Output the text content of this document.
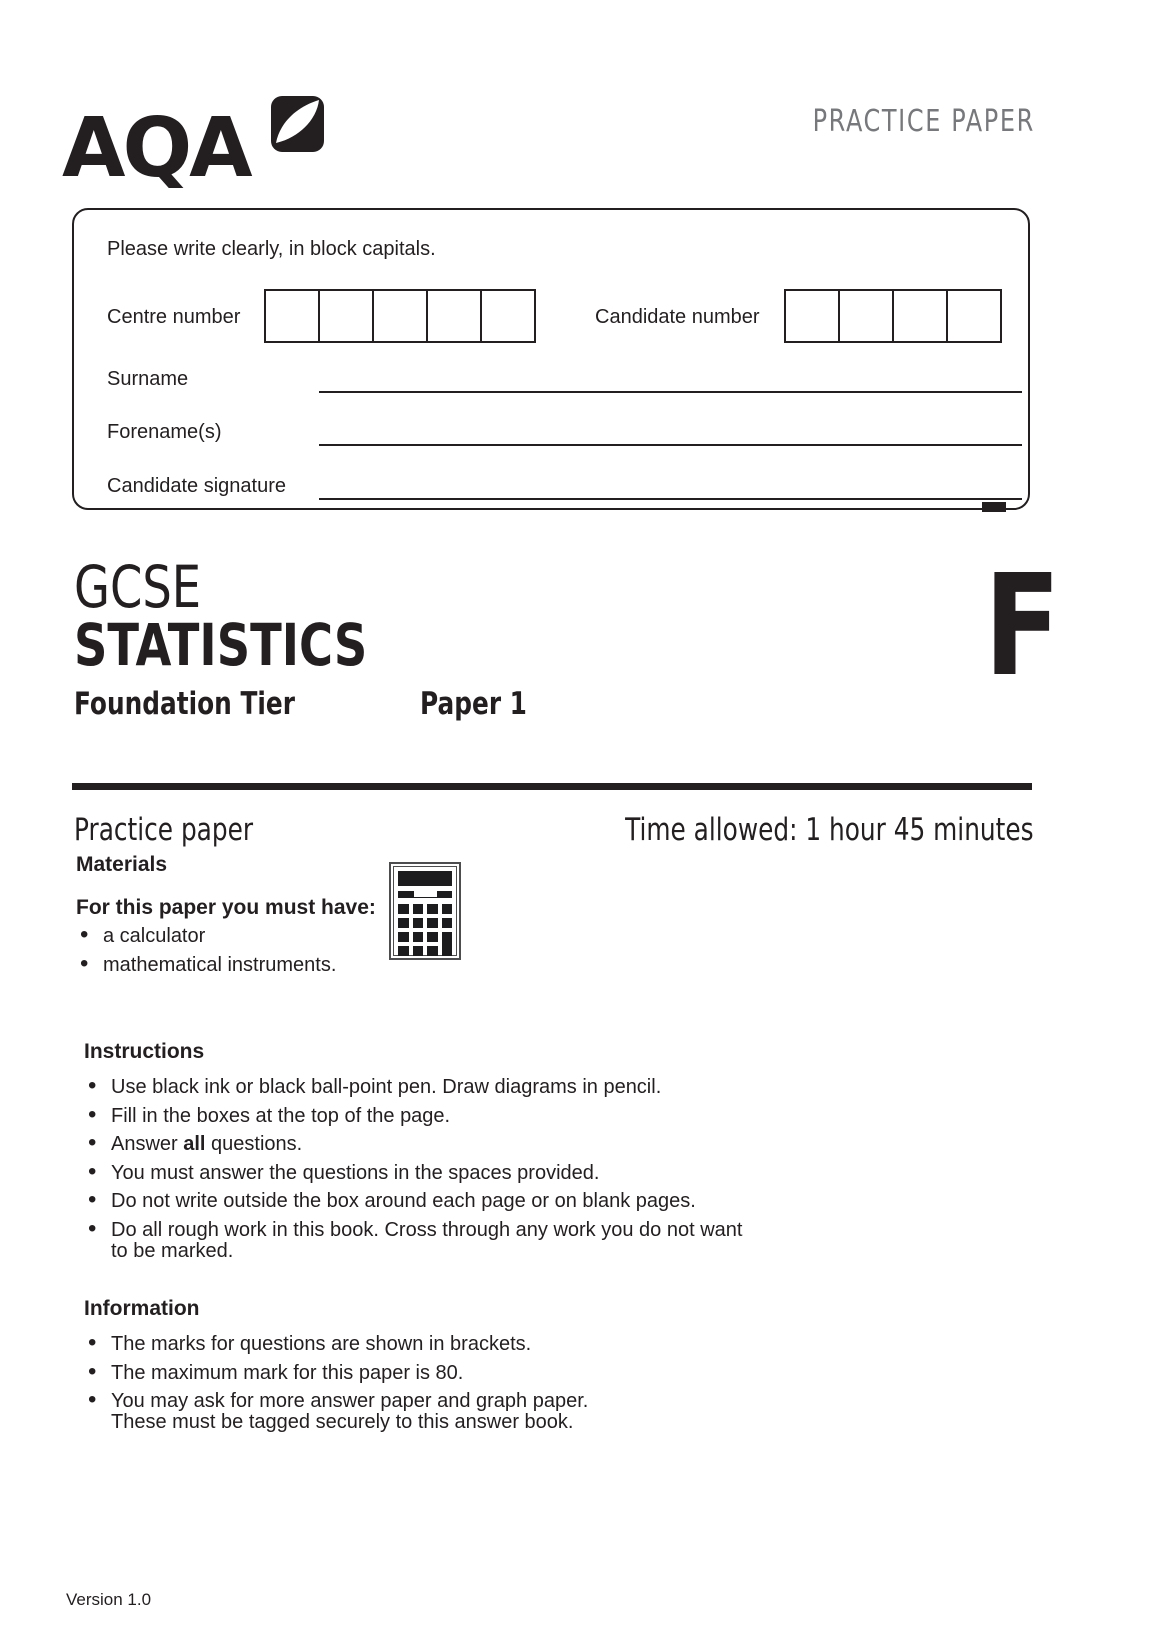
AQA	PRACTICE PAPER
Please write clearly, in block capitals.
Centre number	Candidate number
Surname
Forename(s)
Candidate signature
GCSE
STATISTICS
Foundation Tier	Paper 1	F
Practice paper	Time allowed: 1 hour 45 minutes
Materials
For this paper you must have:
• a calculator
• mathematical instruments.
Instructions
• Use black ink or black ball-point pen. Draw diagrams in pencil.
• Fill in the boxes at the top of the page.
• Answer all questions.
• You must answer the questions in the spaces provided.
• Do not write outside the box around each page or on blank pages.
• Do all rough work in this book. Cross through any work you do not want
to be marked.
Information
• The marks for questions are shown in brackets.
• The maximum mark for this paper is 80.
• You may ask for more answer paper and graph paper.
These must be tagged securely to this answer book.
Version 1.0
